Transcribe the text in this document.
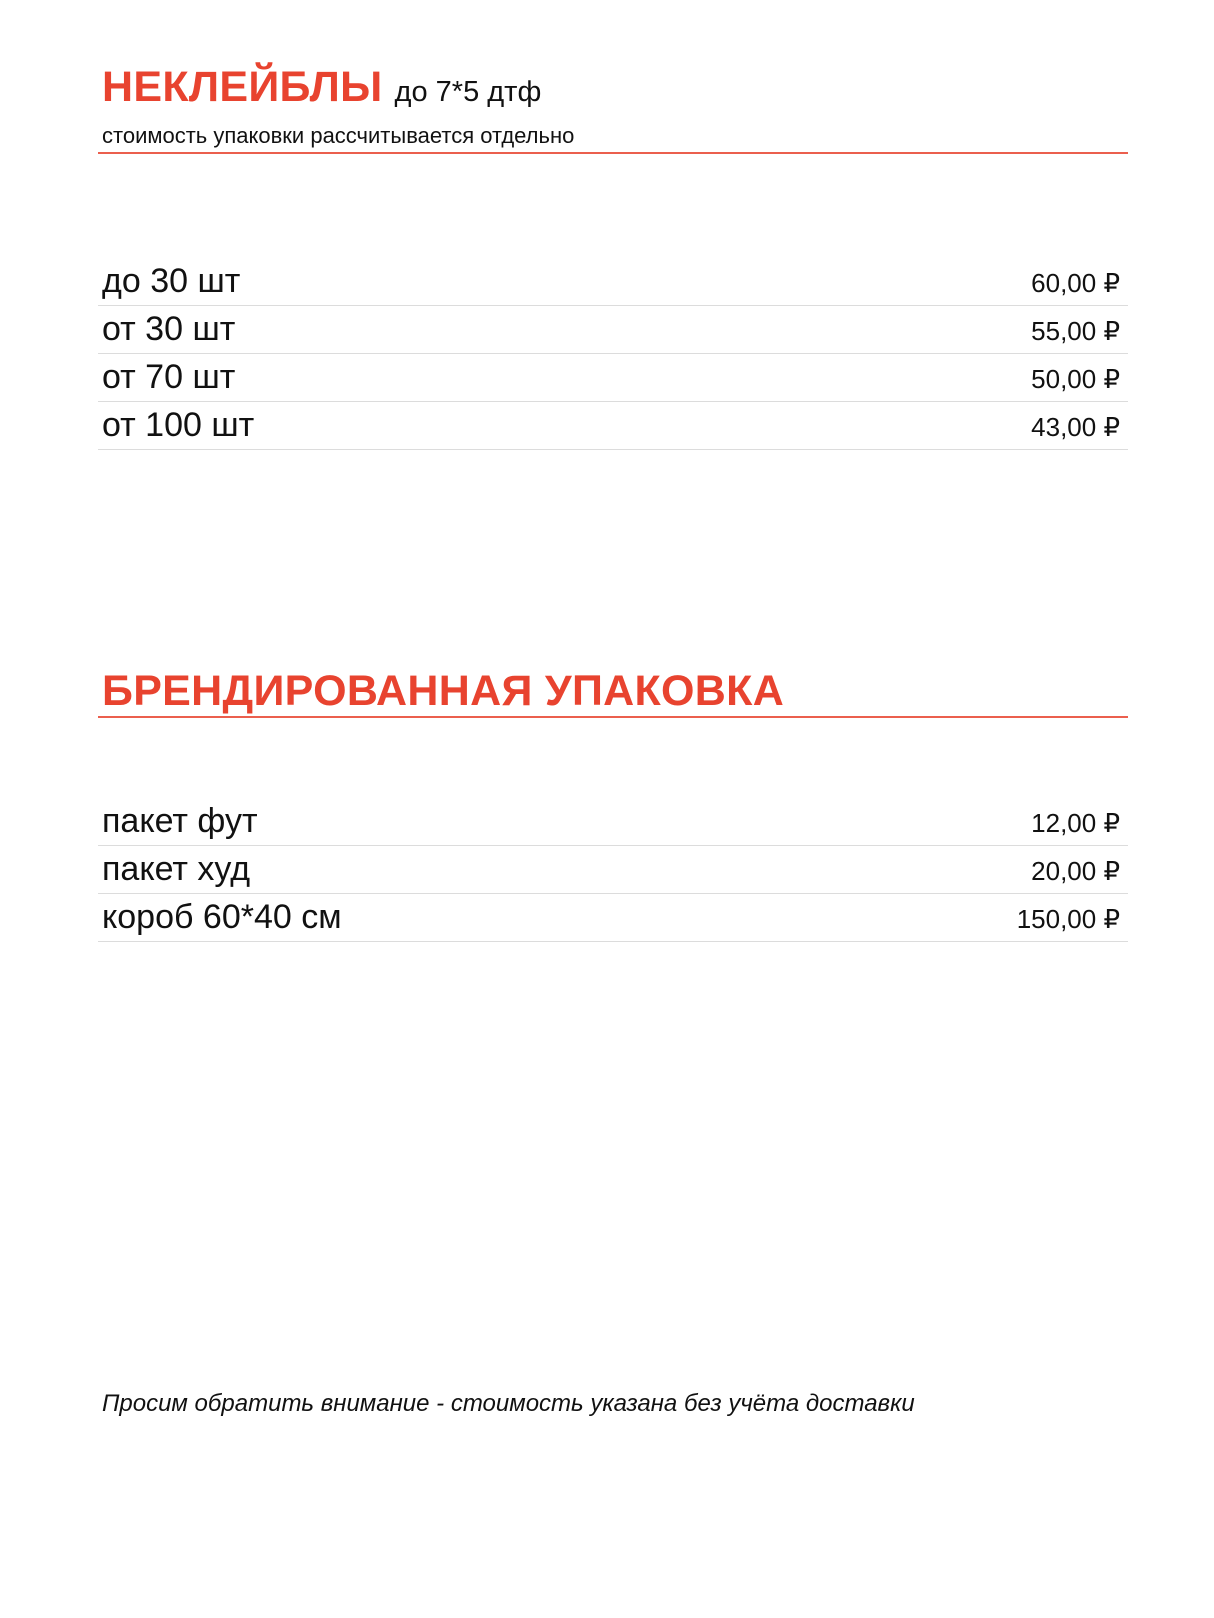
НЕКЛЕЙБЛЫ до 7*5 дтф
стоимость упаковки рассчитывается отдельно
до 30 шт	60,00 ₽
от 30 шт	55,00 ₽
от 70 шт	50,00 ₽
от 100 шт	43,00 ₽
БРЕНДИРОВАННАЯ УПАКОВКА
пакет фут	12,00 ₽
пакет худ	20,00 ₽
короб 60*40 см	150,00 ₽
Просим обратить внимание - стоимость указана без учёта доставки
